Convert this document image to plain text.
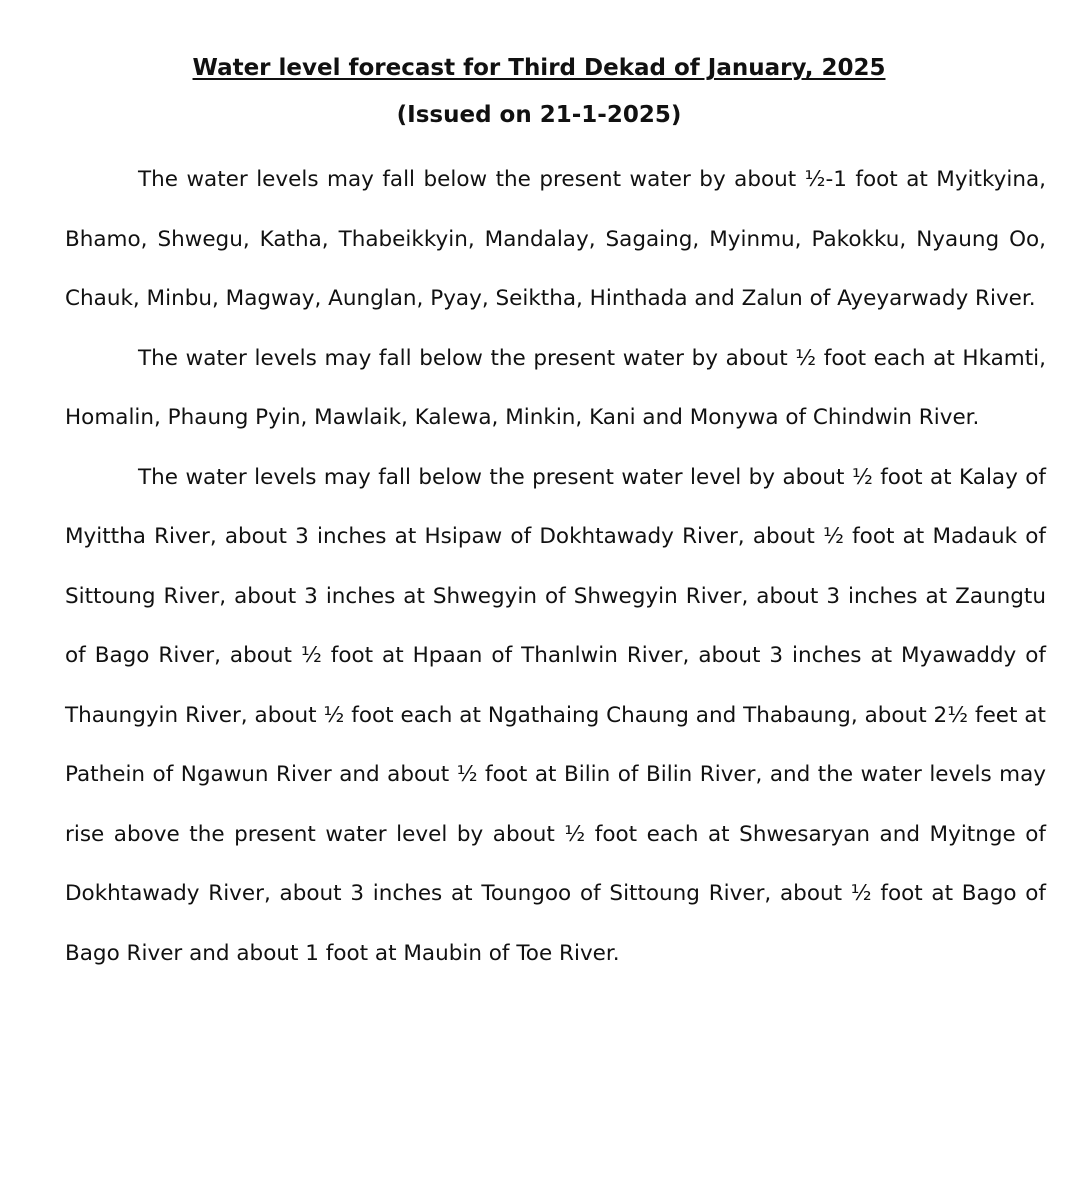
Water level forecast for Third Dekad of January, 2025
(Issued on 21-1-2025)

The water levels may fall below the present water by about ½-1 foot at Myitkyina, Bhamo, Shwegu, Katha, Thabeikkyin, Mandalay, Sagaing, Myinmu, Pakokku, Nyaung Oo, Chauk, Minbu, Magway, Aunglan, Pyay, Seiktha, Hinthada and Zalun of Ayeyarwady River.

The water levels may fall below the present water by about ½ foot each at Hkamti, Homalin, Phaung Pyin, Mawlaik, Kalewa, Minkin, Kani and Monywa of Chindwin River.

The water levels may fall below the present water level by about ½ foot at Kalay of Myittha River, about 3 inches at Hsipaw of Dokhtawady River, about ½ foot at Madauk of Sittoung River, about 3 inches at Shwegyin of Shwegyin River, about 3 inches at Zaungtu of Bago River, about ½ foot at Hpaan of Thanlwin River, about 3 inches at Myawaddy of Thaungyin River, about ½ foot each at Ngathaing Chaung and Thabaung, about 2½ feet at Pathein of Ngawun River and about ½ foot at Bilin of Bilin River, and the water levels may rise above the present water level by about ½ foot each at Shwesaryan and Myitnge of Dokhtawady River, about 3 inches at Toungoo of Sittoung River, about ½ foot at Bago of Bago River and about 1 foot at Maubin of Toe River.
